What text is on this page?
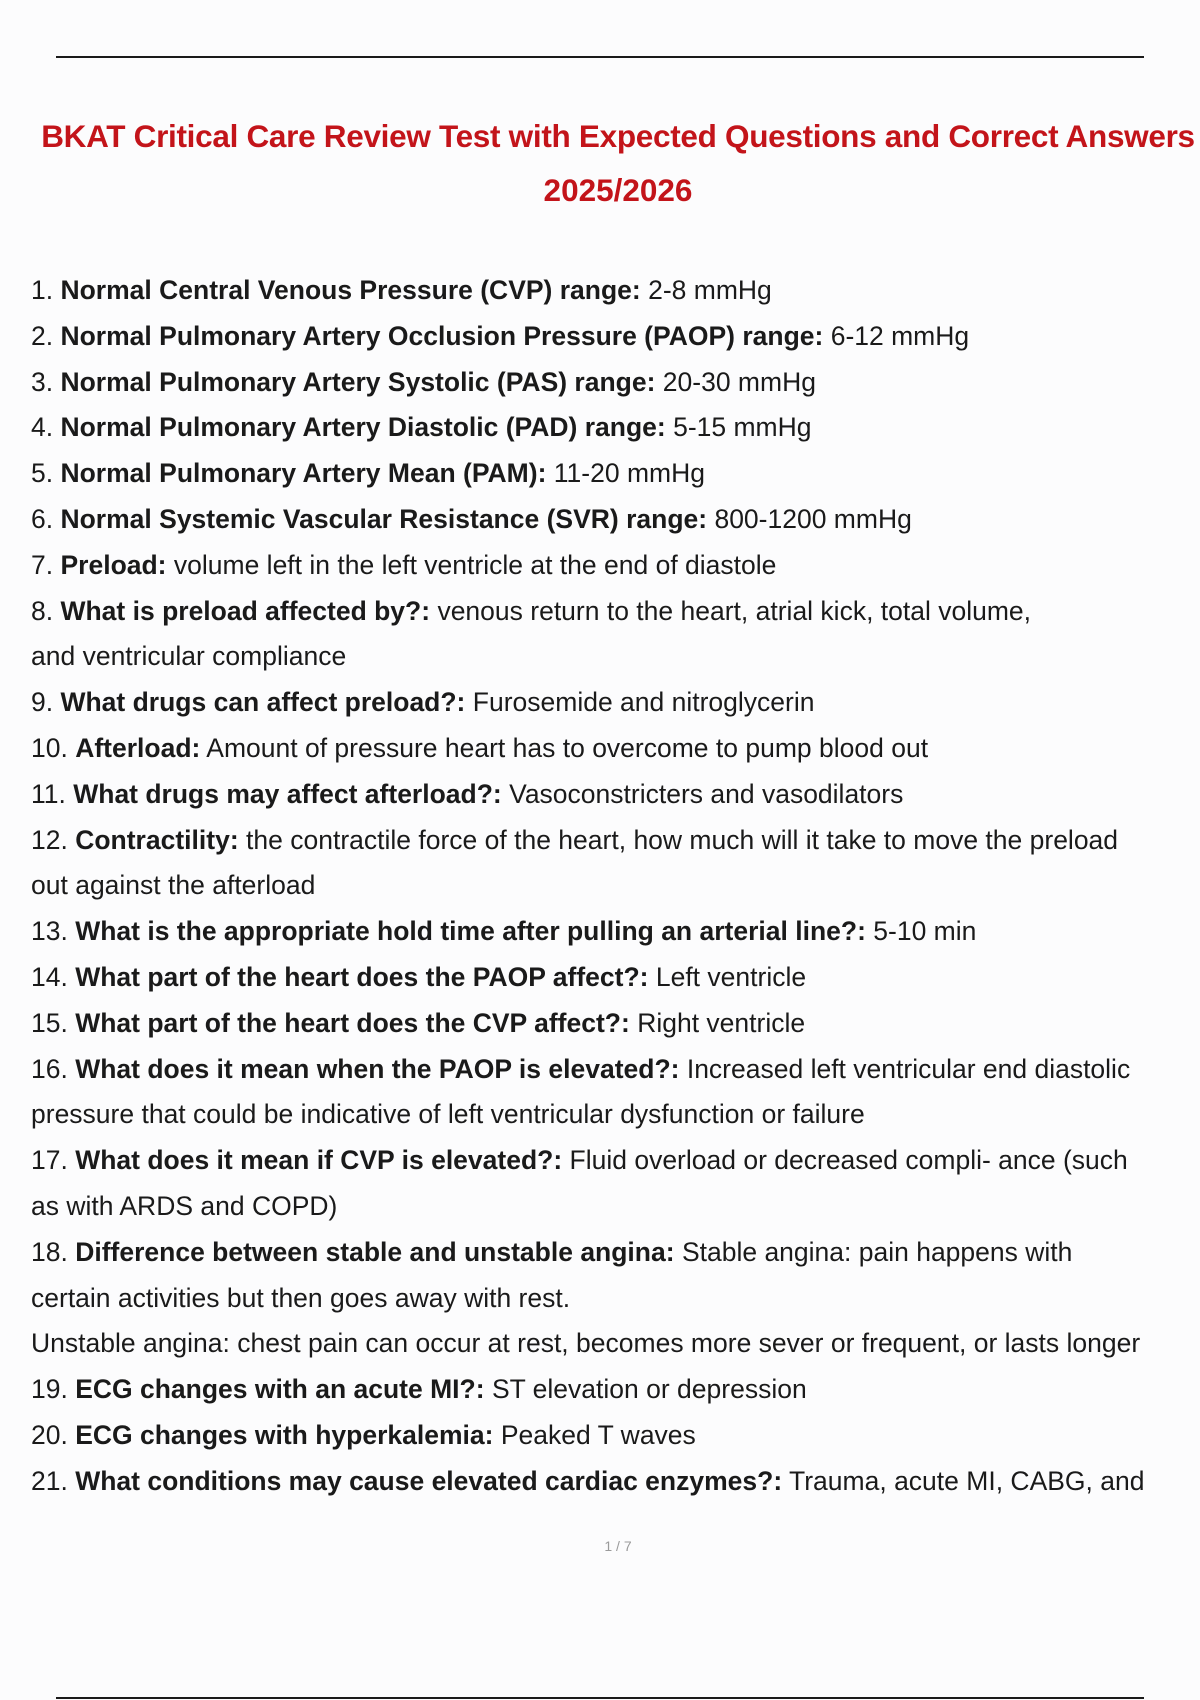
BKAT Critical Care Review Test with Expected Questions and Correct Answers
2025/2026
1. Normal Central Venous Pressure (CVP) range: 2-8 mmHg
2. Normal Pulmonary Artery Occlusion Pressure (PAOP) range: 6-12 mmHg
3. Normal Pulmonary Artery Systolic (PAS) range: 20-30 mmHg
4. Normal Pulmonary Artery Diastolic (PAD) range: 5-15 mmHg
5. Normal Pulmonary Artery Mean (PAM): 11-20 mmHg
6. Normal Systemic Vascular Resistance (SVR) range: 800-1200 mmHg
7. Preload: volume left in the left ventricle at the end of diastole
8. What is preload affected by?: venous return to the heart, atrial kick, total volume,
and ventricular compliance
9. What drugs can affect preload?: Furosemide and nitroglycerin
10. Afterload: Amount of pressure heart has to overcome to pump blood out
11. What drugs may affect afterload?: Vasoconstricters and vasodilators
12. Contractility: the contractile force of the heart, how much will it take to move the preload
out against the afterload
13. What is the appropriate hold time after pulling an arterial line?: 5-10 min
14. What part of the heart does the PAOP affect?: Left ventricle
15. What part of the heart does the CVP affect?: Right ventricle
16. What does it mean when the PAOP is elevated?: Increased left ventricular end diastolic
pressure that could be indicative of left ventricular dysfunction or failure
17. What does it mean if CVP is elevated?: Fluid overload or decreased compli- ance (such
as with ARDS and COPD)
18. Difference between stable and unstable angina: Stable angina: pain happens with
certain activities but then goes away with rest.
Unstable angina: chest pain can occur at rest, becomes more sever or frequent, or lasts longer
19. ECG changes with an acute MI?: ST elevation or depression
20. ECG changes with hyperkalemia: Peaked T waves
21. What conditions may cause elevated cardiac enzymes?: Trauma, acute MI, CABG, and
1 / 7
